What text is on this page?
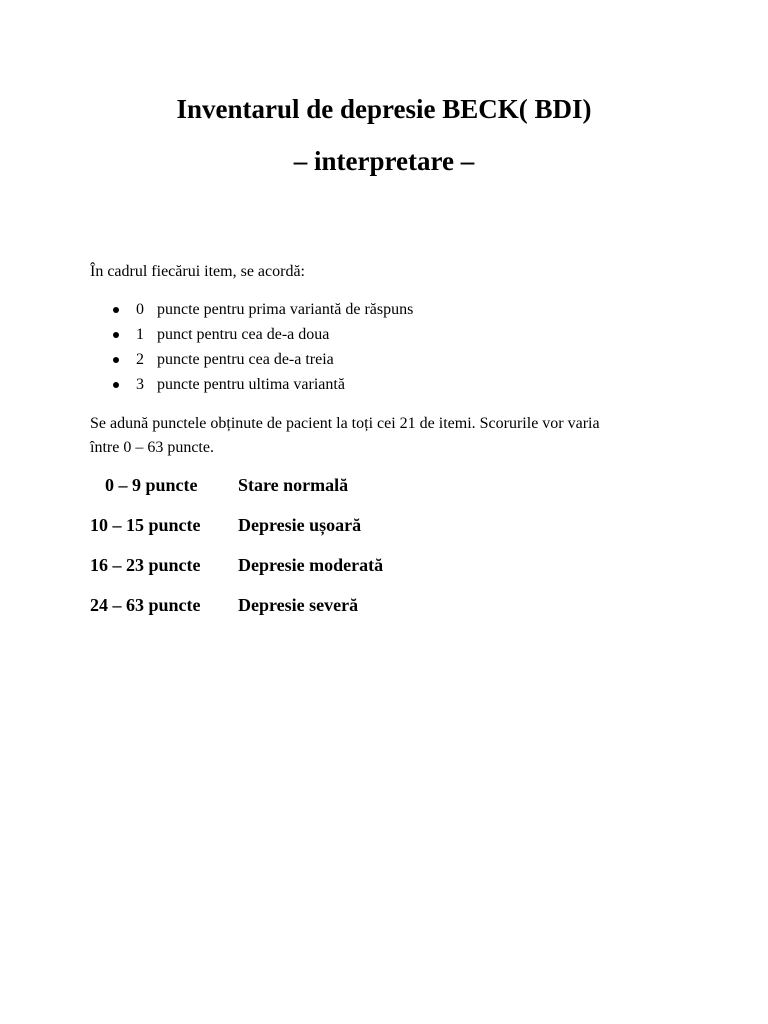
Inventarul de depresie BECK( BDI)
– interpretare –

În cadrul fiecărui item, se acordă:

0 puncte pentru prima variantă de răspuns
1 punct pentru cea de-a doua
2 puncte pentru cea de-a treia
3 puncte pentru ultima variantă
Se adună punctele obținute de pacient la toți cei 21 de itemi. Scorurile vor varia
între 0 – 63 puncte.
0 – 9 puncte Stare normală
10 – 15 puncte Depresie ușoară
16 – 23 puncte Depresie moderată
24 – 63 puncte Depresie severă
